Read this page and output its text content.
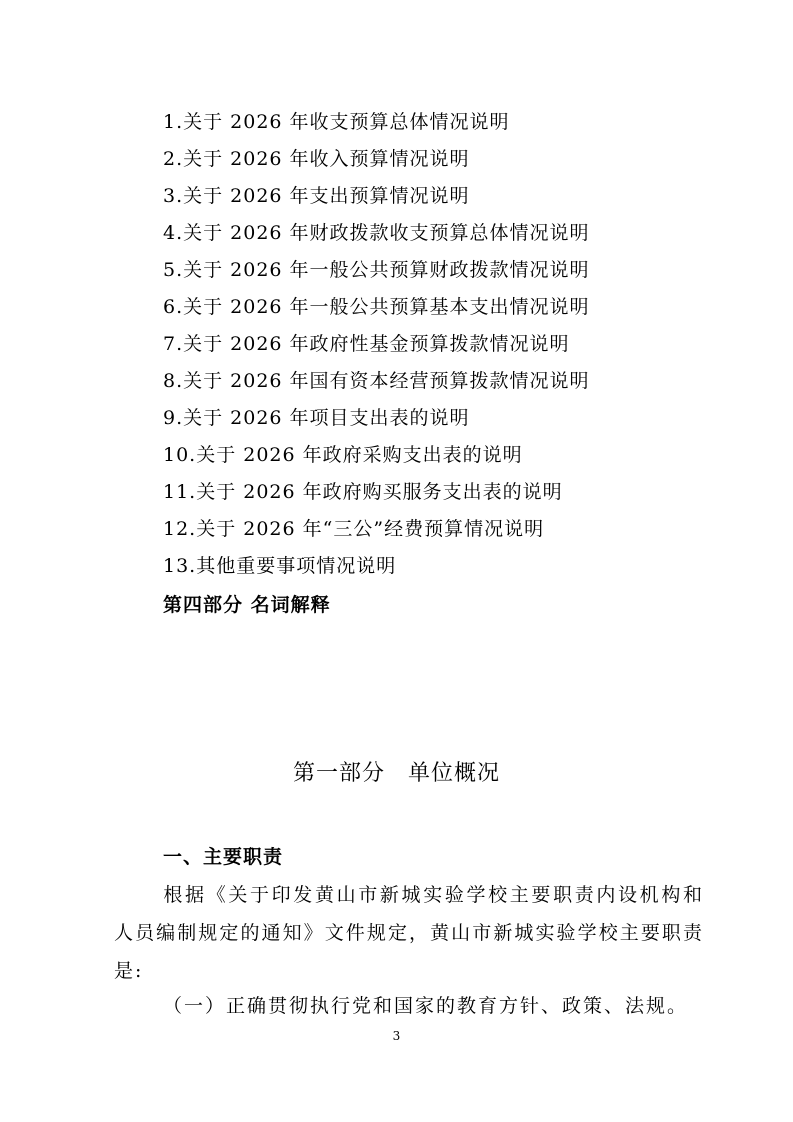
1.关于 2026 年收支预算总体情况说明
2.关于 2026 年收入预算情况说明
3.关于 2026 年支出预算情况说明
4.关于 2026 年财政拨款收支预算总体情况说明
5.关于 2026 年一般公共预算财政拨款情况说明
6.关于 2026 年一般公共预算基本支出情况说明
7.关于 2026 年政府性基金预算拨款情况说明
8.关于 2026 年国有资本经营预算拨款情况说明
9.关于 2026 年项目支出表的说明
10.关于 2026 年政府采购支出表的说明
11.关于 2026 年政府购买服务支出表的说明
12.关于 2026 年“三公”经费预算情况说明
13.其他重要事项情况说明
第四部分 名词解释
第一部分　单位概况
一、主要职责

根据《关于印发黄山市新城实验学校主要职责内设机构和人员编制规定的通知》文件规定，黄山市新城实验学校主要职责是:

（一）正确贯彻执行党和国家的教育方针、政策、法规。
3
